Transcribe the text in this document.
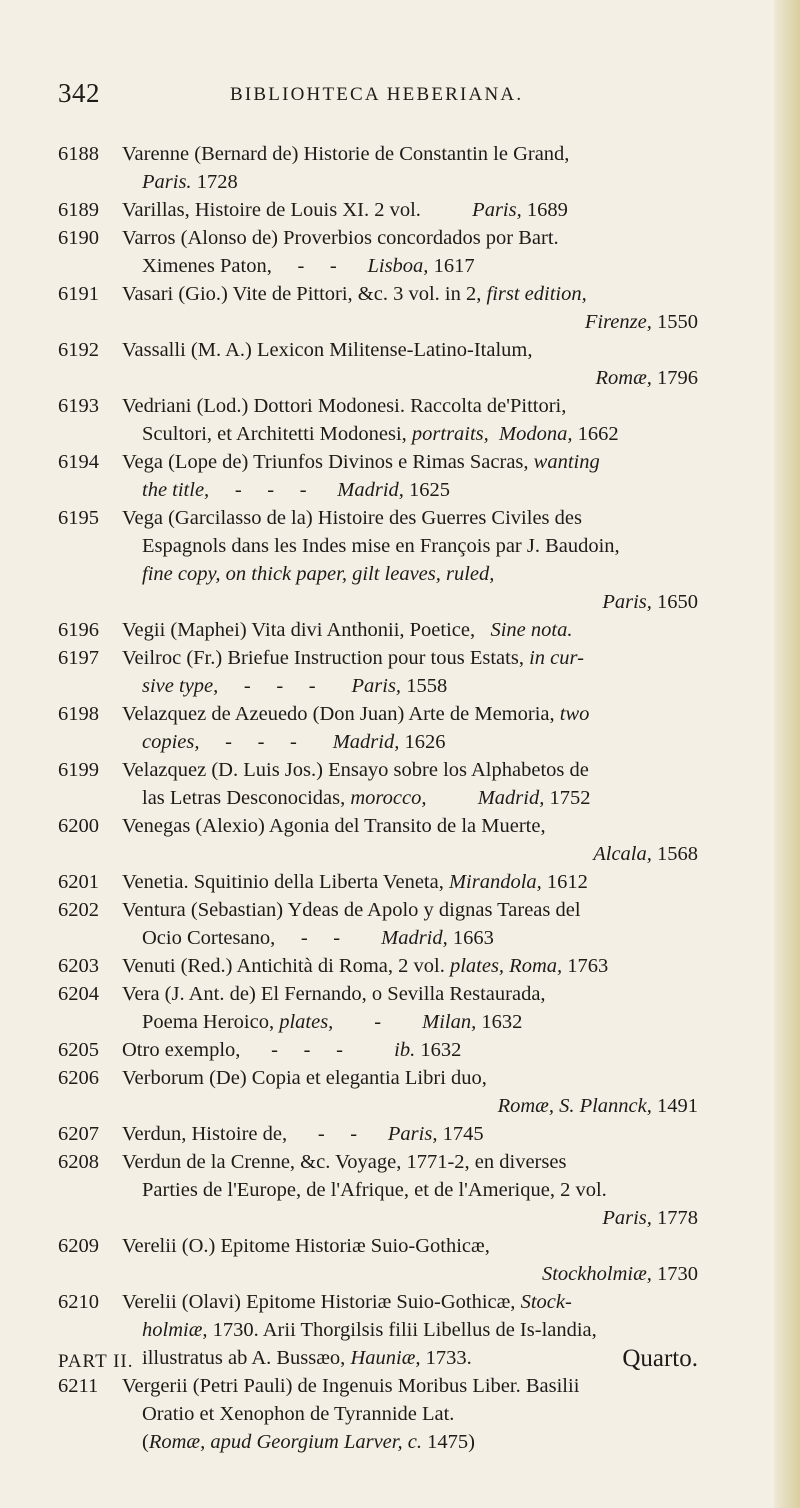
342	BIBLIOHTECA HEBERIANA.
6188 Varenne (Bernard de) Historie de Constantin le Grand,
Paris. 1728
6189 Varillas, Histoire de Louis XI. 2 vol.          Paris, 1689
6190 Varros (Alonso de) Proverbios concordados por Bart.
Ximenes Paton,     -     -      Lisboa, 1617
6191 Vasari (Gio.) Vite de Pittori, &c. 3 vol. in 2, first edition,
Firenze, 1550
6192 Vassalli (M. A.) Lexicon Militense-Latino-Italum,
Romæ, 1796
6193 Vedriani (Lod.) Dottori Modonesi. Raccolta de'Pittori,
Scultori, et Architetti Modonesi, portraits,  Modona, 1662
6194 Vega (Lope de) Triunfos Divinos e Rimas Sacras, wanting
the title,     -     -     -      Madrid, 1625
6195 Vega (Garcilasso de la) Histoire des Guerres Civiles des
Espagnols dans les Indes mise en François par J. Baudoin,
fine copy, on thick paper, gilt leaves, ruled,
Paris, 1650
6196 Vegii (Maphei) Vita divi Anthonii, Poetice,   Sine nota.
6197 Veilroc (Fr.) Briefue Instruction pour tous Estats, in cur-
sive type,     -     -     -       Paris, 1558
6198 Velazquez de Azeuedo (Don Juan) Arte de Memoria, two
copies,     -     -     -       Madrid, 1626
6199 Velazquez (D. Luis Jos.) Ensayo sobre los Alphabetos de
las Letras Desconocidas, morocco,          Madrid, 1752
6200 Venegas (Alexio) Agonia del Transito de la Muerte,
Alcala, 1568
6201 Venetia. Squitinio della Liberta Veneta, Mirandola, 1612
6202 Ventura (Sebastian) Ydeas de Apolo y dignas Tareas del
Ocio Cortesano,     -     -        Madrid, 1663
6203 Venuti (Red.) Antichità di Roma, 2 vol. plates, Roma, 1763
6204 Vera (J. Ant. de) El Fernando, o Sevilla Restaurada,
Poema Heroico, plates,        -        Milan, 1632
6205 Otro exemplo,      -     -     -          ib. 1632
6206 Verborum (De) Copia et elegantia Libri duo,
Romæ, S. Plannck, 1491
6207 Verdun, Histoire de,      -     -      Paris, 1745
6208 Verdun de la Crenne, &c. Voyage, 1771-2, en diverses
Parties de l'Europe, de l'Afrique, et de l'Amerique, 2 vol.
Paris, 1778
6209 Verelii (O.) Epitome Historiæ Suio-Gothicæ,
Stockholmiæ, 1730
6210 Verelii (Olavi) Epitome Historiæ Suio-Gothicæ, Stock-
holmiæ, 1730. Arii Thorgilsis filii Libellus de Is-landia,
illustratus ab A. Bussæo, Hauniæ, 1733.
6211 Vergerii (Petri Pauli) de Ingenuis Moribus Liber. Basilii
Oratio et Xenophon de Tyrannide Lat.
(Romæ, apud Georgium Larver, c. 1475)
PART II.	Quarto.
